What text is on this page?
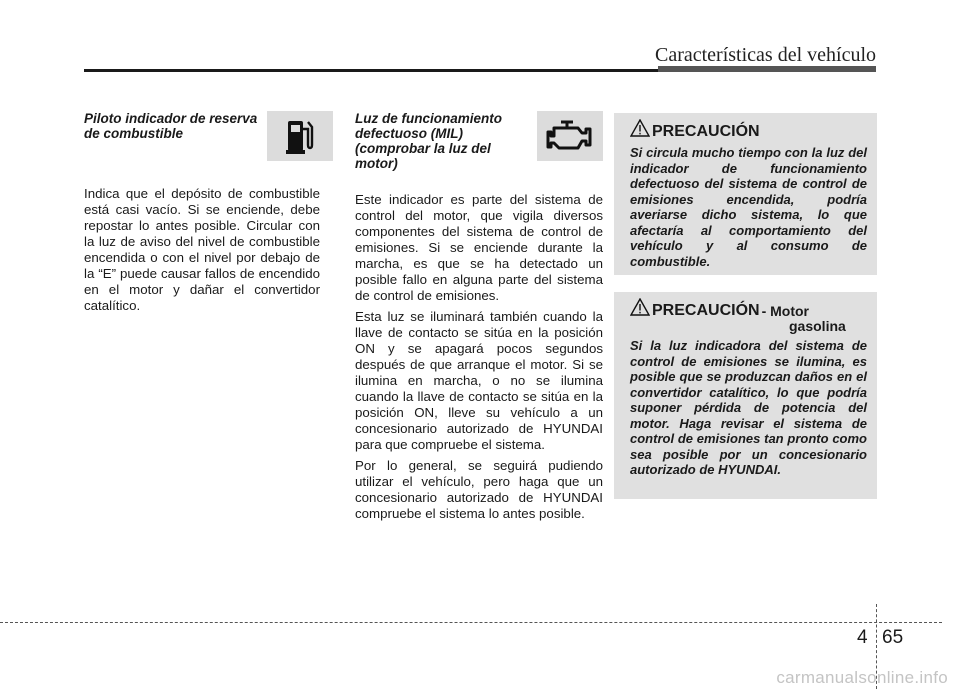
Características del vehículo
Piloto indicador de reserva
de combustible

Indica que el depósito de combustible está casi vacío. Si se enciende, debe repostar lo antes posible. Circular con la luz de aviso del nivel de combustible encendida o con el nivel por debajo de la “E” puede causar fallos de encendido en el motor y dañar el convertidor catalítico.

Luz de funcionamiento
defectuoso (MIL)
(comprobar la luz del
motor)

Este indicador es parte del sistema de control del motor, que vigila diversos componentes del sistema de control de emisiones. Si se enciende durante la marcha, es que se ha detectado un posible fallo en alguna parte del sistema de control de emisiones.

Esta luz se iluminará también cuando la llave de contacto se sitúa en la posición ON y se apagará pocos segundos después de que arranque el motor. Si se ilumina en marcha, o no se ilumina cuando la llave de contacto se sitúa en la posición ON, lleve su vehículo a un concesionario autorizado de HYUNDAI para que compruebe el sistema.

Por lo general, se seguirá pudiendo utilizar el vehículo, pero haga que un concesionario autorizado de HYUNDAI compruebe el sistema lo antes posible.

PRECAUCIÓN
Si circula mucho tiempo con la luz del indicador de funcionamiento defectuoso del sistema de control de emisiones encendida, podría averiarse dicho sistema, lo que afectaría al comportamiento del vehículo y al consumo de combustible.
PRECAUCIÓN - Motor
gasolina
Si la luz indicadora del sistema de control de emisiones se ilumina, es posible que se produzcan daños en el convertidor catalítico, lo que podría suponer pérdida de potencia del motor. Haga revisar el sistema de control de emisiones tan pronto como sea posible por un concesionario autorizado de HYUNDAI.
4 65
carmanualsonline.info
